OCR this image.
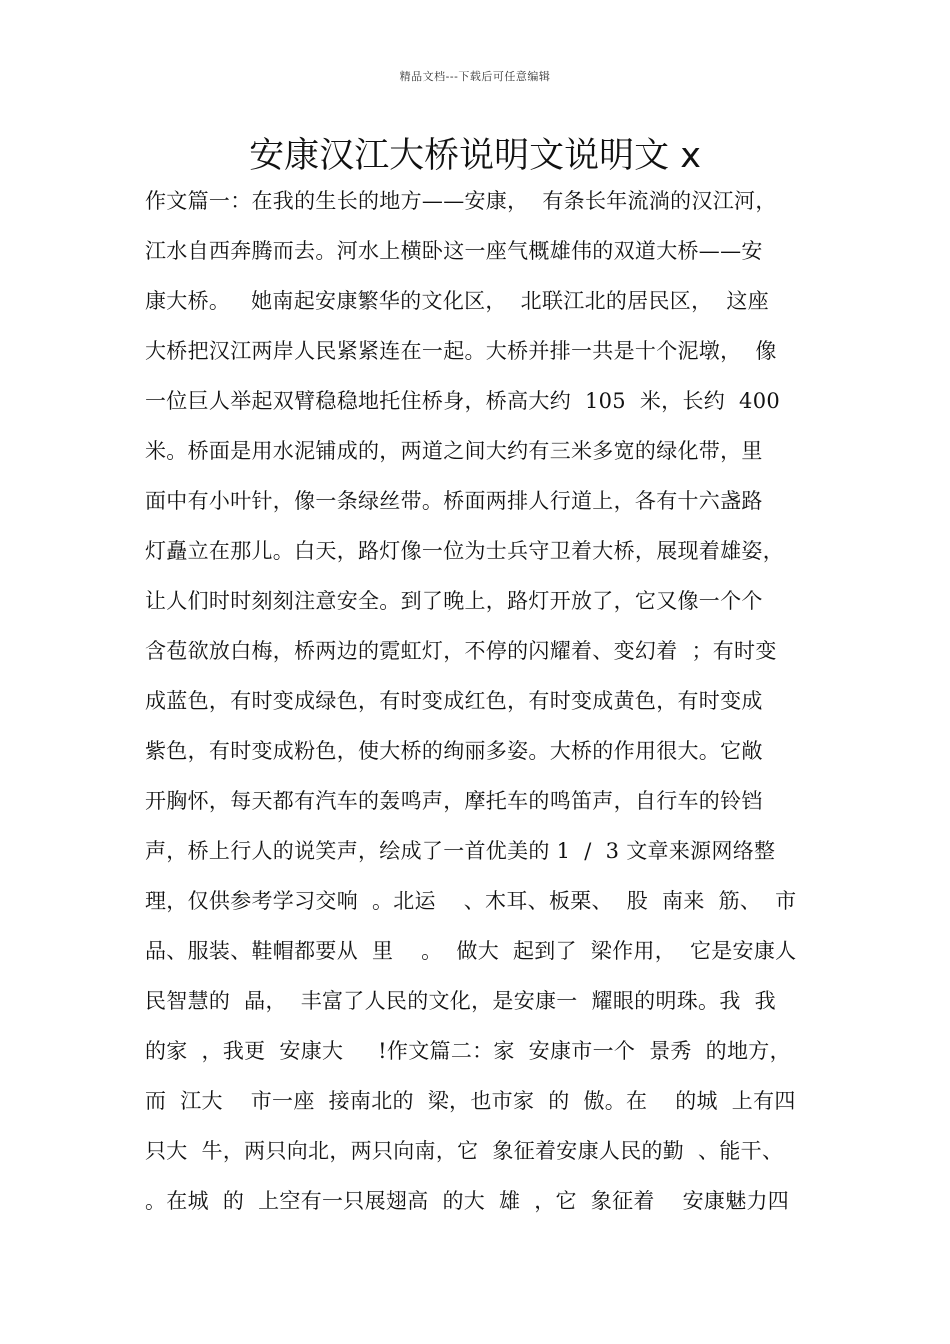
精品文档---下载后可任意编辑
安康汉江大桥说明文说明文 x
作文篇一：在我的生长的地方——安康，  有条长年流淌的汉江河，
江水自西奔腾而去。河水上横卧这一座气概雄伟的双道大桥——安
康大桥。   她南起安康繁华的文化区，  北联江北的居民区，  这座
大桥把汉江两岸人民紧紧连在一起。大桥并排一共是十个泥墩，  像
一位巨人举起双臂稳稳地托住桥身，桥高大约  105  米，长约  400
米。桥面是用水泥铺成的，两道之间大约有三米多宽的绿化带，里
面中有小叶针，像一条绿丝带。桥面两排人行道上，各有十六盏路
灯矗立在那儿。白天，路灯像一位为士兵守卫着大桥，展现着雄姿，
让人们时时刻刻注意安全。到了晚上，路灯开放了，它又像一个个
含苞欲放白梅，桥两边的霓虹灯，不停的闪耀着、变幻着  ；有时变
成蓝色，有时变成绿色，有时变成红色，有时变成黄色，有时变成
紫色，有时变成粉色，使大桥的绚丽多姿。大桥的作用很大。它敞
开胸怀，每天都有汽车的轰鸣声，摩托车的鸣笛声，自行车的铃铛
声，桥上行人的说笑声，绘成了一首优美的 1  /  3 文章来源网络整
理，仅供参考学习交响  。北运    、木耳、板栗、  股  南来  筋、  市
品、服装、鞋帽都要从  里    。  做大  起到了  梁作用，  它是安康人
民智慧的  晶，  丰富了人民的文化，是安康一  耀眼的明珠。我  我
的家  ，我更  安康大     !作文篇二：家  安康市一个  景秀  的地方，
而  江大    市一座  接南北的  梁，也市家  的  傲。在    的城  上有四
只大  牛，两只向北，两只向南，它  象征着安康人民的勤  、能干、
。在城  的  上空有一只展翅高  的大  雄  ，它  象征着    安康魅力四
